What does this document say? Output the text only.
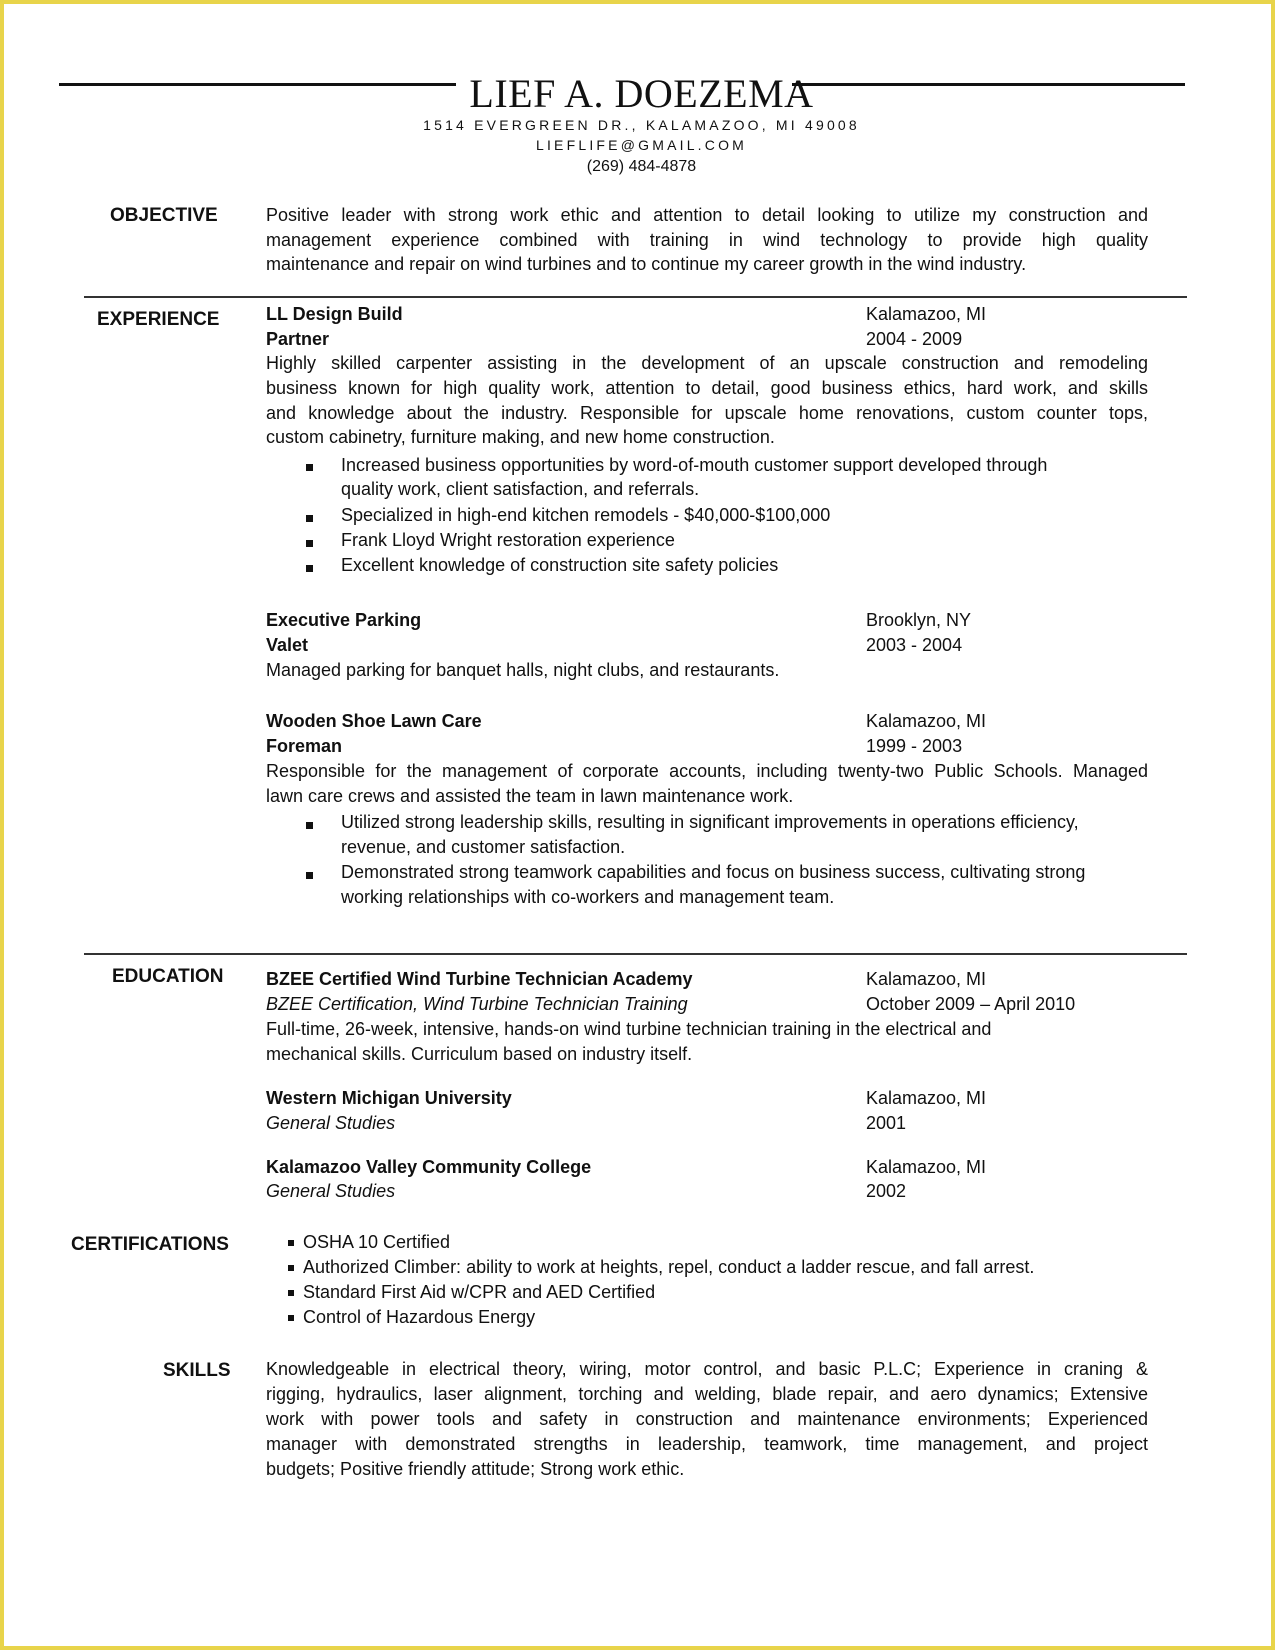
LIEF A. DOEZEMA
1514 EVERGREEN DR., KALAMAZOO, MI 49008
LIEFLIFE@GMAIL.COM
(269) 484-4878
OBJECTIVE	Positive leader with strong work ethic and attention to detail looking to utilize my construction and
management experience combined with training in wind technology to provide high quality
maintenance and repair on wind turbines and to continue my career growth in the wind industry.
EXPERIENCE	LL Design Build	Kalamazoo, MI
Partner	2004 - 2009
Highly skilled carpenter assisting in the development of an upscale construction and remodeling
business known for high quality work, attention to detail, good business ethics, hard work, and skills
and knowledge about the industry. Responsible for upscale home renovations, custom counter tops,
custom cabinetry, furniture making, and new home construction.
Increased business opportunities by word-of-mouth customer support developed through
quality work, client satisfaction, and referrals.
Specialized in high-end kitchen remodels - $40,000-$100,000
Frank Lloyd Wright restoration experience
Excellent knowledge of construction site safety policies
Executive Parking	Brooklyn, NY
Valet	2003 - 2004
Managed parking for banquet halls, night clubs, and restaurants.
Wooden Shoe Lawn Care	Kalamazoo, MI
Foreman	1999 - 2003
Responsible for the management of corporate accounts, including twenty-two Public Schools. Managed
lawn care crews and assisted the team in lawn maintenance work.
Utilized strong leadership skills, resulting in significant improvements in operations efficiency,
revenue, and customer satisfaction.
Demonstrated strong teamwork capabilities and focus on business success, cultivating strong
working relationships with co-workers and management team.
EDUCATION BZEE Certified Wind Turbine Technician Academy	Kalamazoo, MI
BZEE Certification, Wind Turbine Technician Training	October 2009 – April 2010
Full-time, 26-week, intensive, hands-on wind turbine technician training in the electrical and
mechanical skills. Curriculum based on industry itself.
Western Michigan University	Kalamazoo, MI
General Studies	2001
Kalamazoo Valley Community College	Kalamazoo, MI
General Studies	2002
CERTIFICATIONS	OSHA 10 Certified
Authorized Climber: ability to work at heights, repel, conduct a ladder rescue, and fall arrest.
Standard First Aid w/CPR and AED Certified
Control of Hazardous Energy
SKILLS Knowledgeable in electrical theory, wiring, motor control, and basic P.L.C; Experience in craning &
rigging, hydraulics, laser alignment, torching and welding, blade repair, and aero dynamics; Extensive
work with power tools and safety in construction and maintenance environments; Experienced
manager with demonstrated strengths in leadership, teamwork, time management, and project
budgets; Positive friendly attitude; Strong work ethic.
